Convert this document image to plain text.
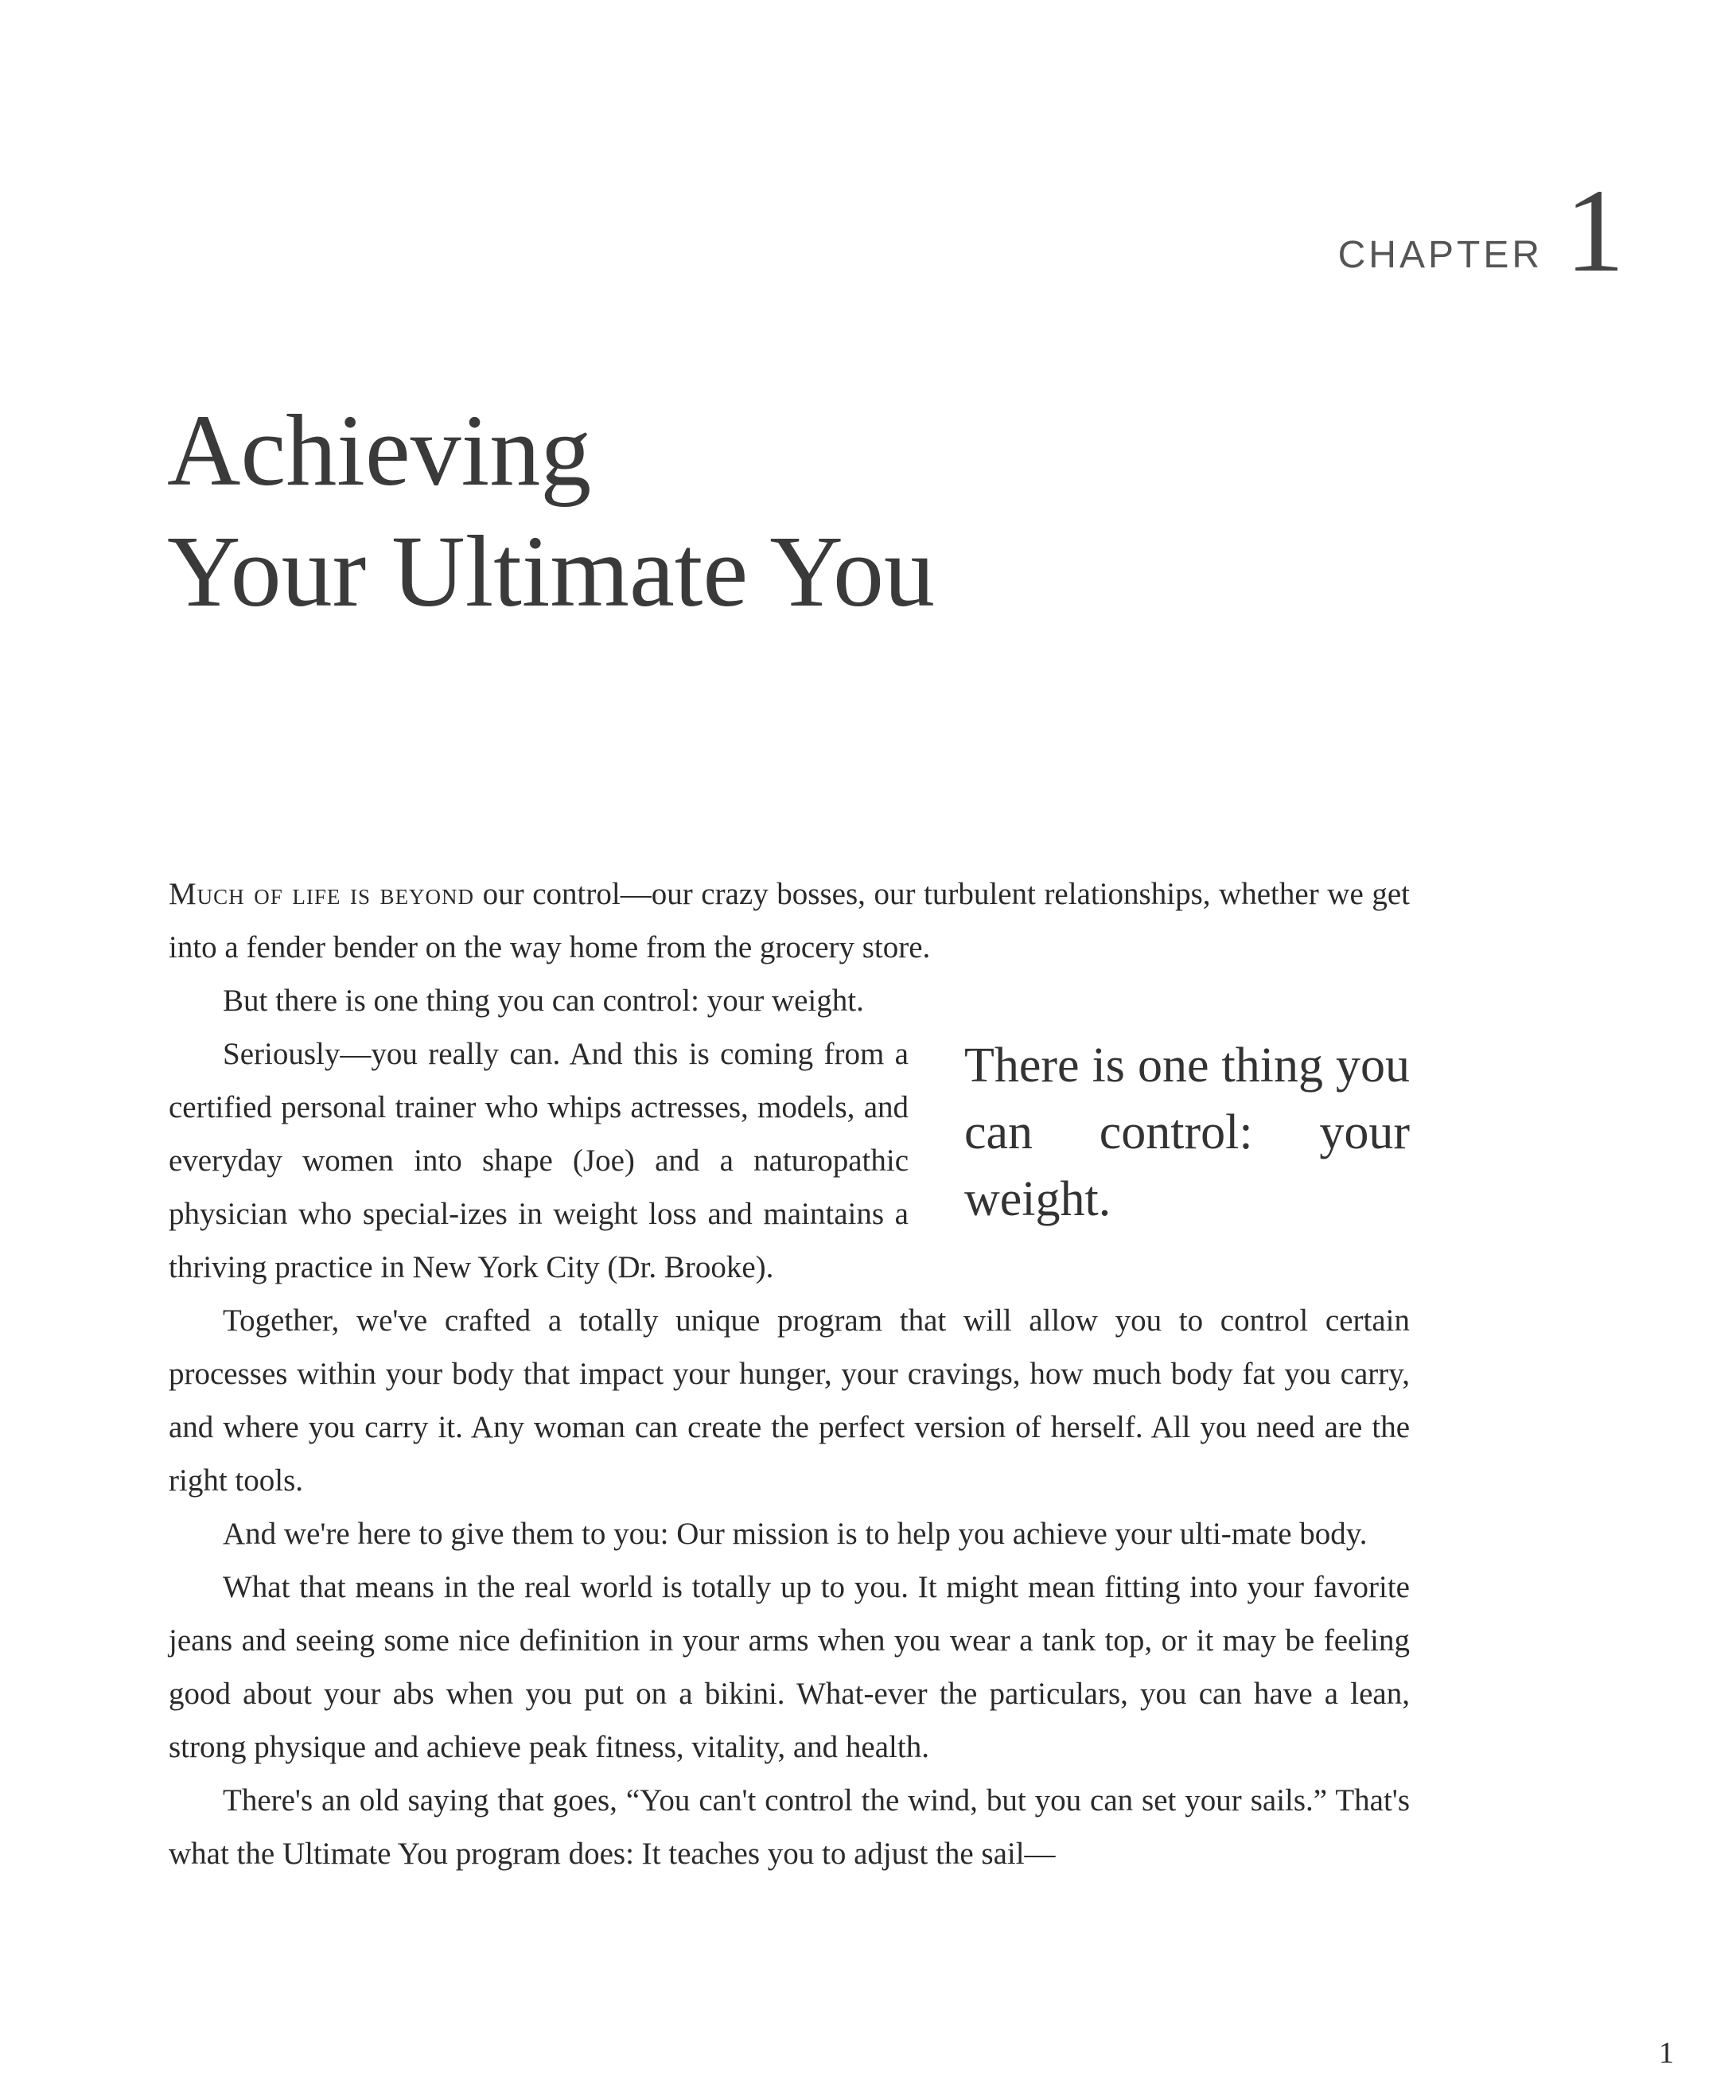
CHAPTER 1
Achieving
Your Ultimate You

Much of life is beyond our control—our crazy bosses, our turbulent relationships, whether we get into a fender bender on the way home from the grocery store.

But there is one thing you can control: your weight.

There is one thing you can control: your weight.
Seriously—you really can. And this is coming from a certified personal trainer who whips actresses, models, and everyday women into shape (Joe) and a naturopathic physician who special-izes in weight loss and maintains a thriving practice in New York City (Dr. Brooke).

Together, we've crafted a totally unique program that will allow you to control certain processes within your body that impact your hunger, your cravings, how much body fat you carry, and where you carry it. Any woman can create the perfect version of herself. All you need are the right tools.

And we're here to give them to you: Our mission is to help you achieve your ulti-mate body.

What that means in the real world is totally up to you. It might mean fitting into your favorite jeans and seeing some nice definition in your arms when you wear a tank top, or it may be feeling good about your abs when you put on a bikini. What-ever the particulars, you can have a lean, strong physique and achieve peak fitness, vitality, and health.

There's an old saying that goes, “You can't control the wind, but you can set your sails.” That's what the Ultimate You program does: It teaches you to adjust the sail—

1
